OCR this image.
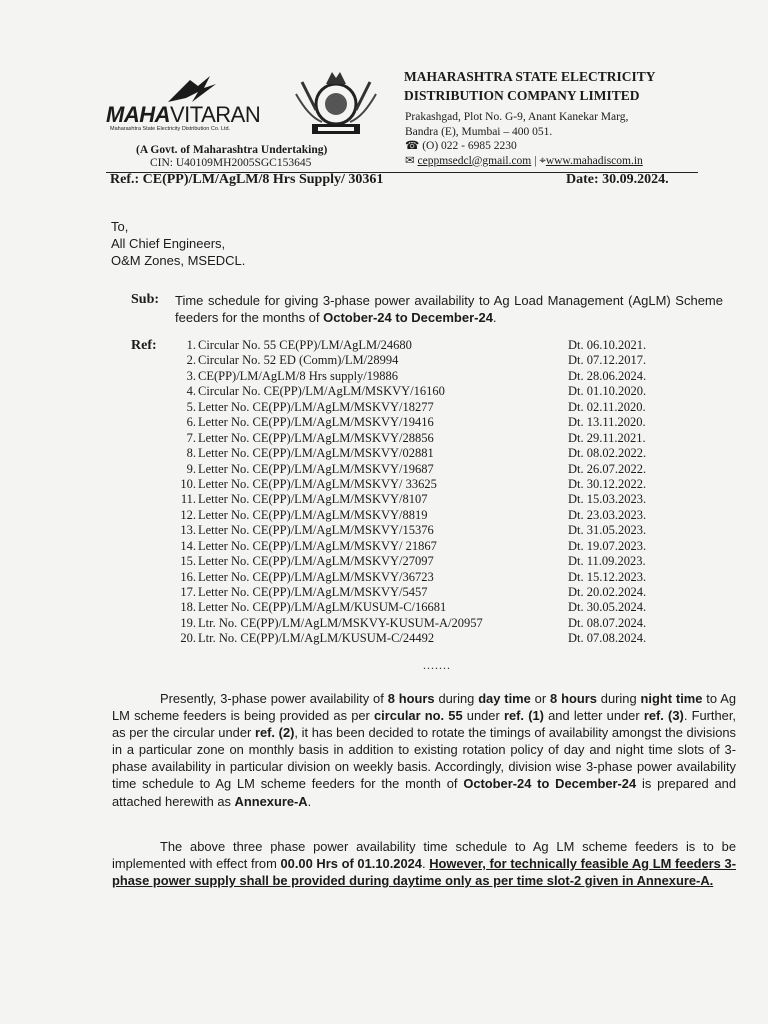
MAHAVITARAN
Maharashtra State Electricity Distribution Co. Ltd.
(A Govt. of Maharashtra Undertaking)
CIN: U40109MH2005SGC153645
MAHARASHTRA STATE ELECTRICITY
DISTRIBUTION COMPANY LIMITED
Prakashgad, Plot No. G-9, Anant Kanekar Marg,
Bandra (E), Mumbai – 400 051.
☎ (O) 022 - 6985 2230
✉ ceppmsedcl@gmail.com | ⌖www.mahadiscom.in
Ref.: CE(PP)/LM/AgLM/8 Hrs Supply/ 30361	Date: 30.09.2024.
To,
All Chief Engineers,
O&M Zones, MSEDCL.
Sub: Time schedule for giving 3-phase power availability to Ag Load Management (AgLM) Scheme feeders for the months of October-24 to December-24.
Ref: 1. Circular No. 55 CE(PP)/LM/AgLM/24680	Dt. 06.10.2021.
2. Circular No. 52 ED (Comm)/LM/28994	Dt. 07.12.2017.
3. CE(PP)/LM/AgLM/8 Hrs supply/19886	Dt. 28.06.2024.
4. Circular No. CE(PP)/LM/AgLM/MSKVY/16160	Dt. 01.10.2020.
5. Letter No. CE(PP)/LM/AgLM/MSKVY/18277	Dt. 02.11.2020.
6. Letter No. CE(PP)/LM/AgLM/MSKVY/19416	Dt. 13.11.2020.
7. Letter No. CE(PP)/LM/AgLM/MSKVY/28856	Dt. 29.11.2021.
8. Letter No. CE(PP)/LM/AgLM/MSKVY/02881	Dt. 08.02.2022.
9. Letter No. CE(PP)/LM/AgLM/MSKVY/19687	Dt. 26.07.2022.
10. Letter No. CE(PP)/LM/AgLM/MSKVY/ 33625	Dt. 30.12.2022.
11. Letter No. CE(PP)/LM/AgLM/MSKVY/8107	Dt. 15.03.2023.
12. Letter No. CE(PP)/LM/AgLM/MSKVY/8819	Dt. 23.03.2023.
13. Letter No. CE(PP)/LM/AgLM/MSKVY/15376	Dt. 31.05.2023.
14. Letter No. CE(PP)/LM/AgLM/MSKVY/ 21867	Dt. 19.07.2023.
15. Letter No. CE(PP)/LM/AgLM/MSKVY/27097	Dt. 11.09.2023.
16. Letter No. CE(PP)/LM/AgLM/MSKVY/36723	Dt. 15.12.2023.
17. Letter No. CE(PP)/LM/AgLM/MSKVY/5457	Dt. 20.02.2024.
18. Letter No. CE(PP)/LM/AgLM/KUSUM-C/16681	Dt. 30.05.2024.
19. Ltr. No. CE(PP)/LM/AgLM/MSKVY-KUSUM-A/20957	Dt. 08.07.2024.
20. Ltr. No. CE(PP)/LM/AgLM/KUSUM-C/24492	Dt. 07.08.2024.
.......
Presently, 3-phase power availability of 8 hours during day time or 8 hours during night time to Ag LM scheme feeders is being provided as per circular no. 55 under ref. (1) and letter under ref. (3). Further, as per the circular under ref. (2), it has been decided to rotate the timings of availability amongst the divisions in a particular zone on monthly basis in addition to existing rotation policy of day and night time slots of 3-phase availability in particular division on weekly basis. Accordingly, division wise 3-phase power availability time schedule to Ag LM scheme feeders for the month of October-24 to December-24 is prepared and attached herewith as Annexure-A.
The above three phase power availability time schedule to Ag LM scheme feeders is to be implemented with effect from 00.00 Hrs of 01.10.2024. However, for technically feasible Ag LM feeders 3-phase power supply shall be provided during daytime only as per time slot-2 given in Annexure-A.
